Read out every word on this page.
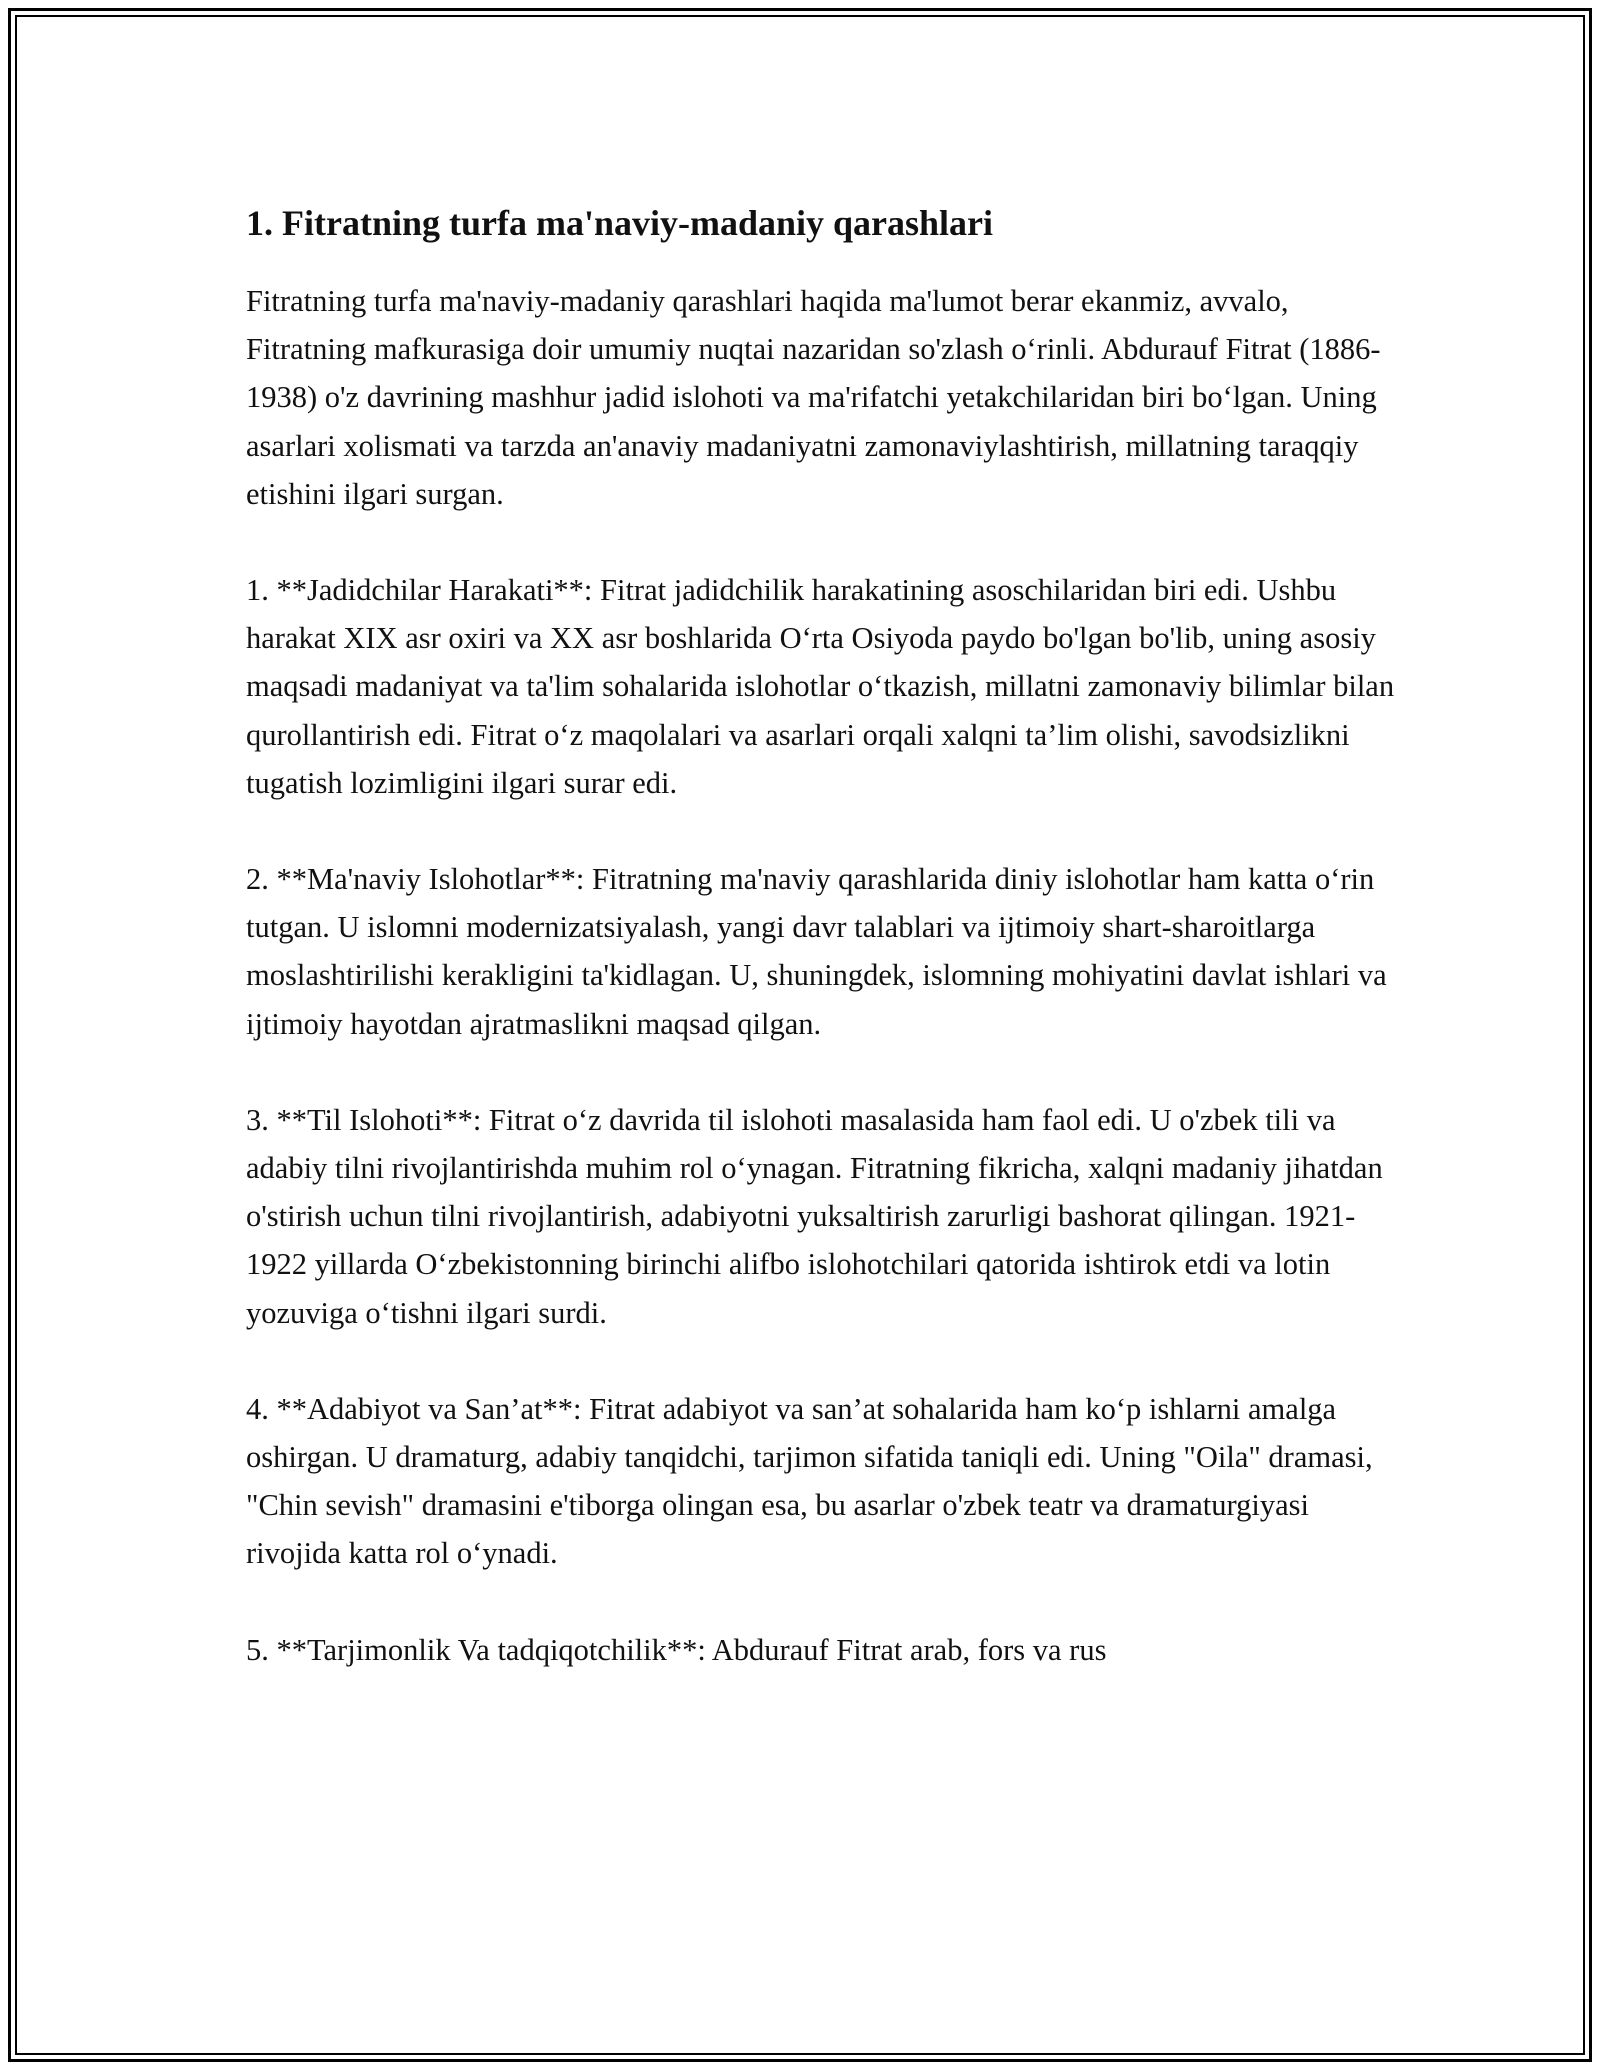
1. Fitratning turfa ma'naviy-madaniy qarashlari

Fitratning turfa ma'naviy-madaniy qarashlari haqida ma'lumot berar ekanmiz, avvalo, Fitratning mafkurasiga doir umumiy nuqtai nazaridan so'zlash o‘rinli. Abdurauf Fitrat (1886-1938) o'z davrining mashhur jadid islohoti va ma'rifatchi yetakchilaridan biri bo‘lgan. Uning asarlari xolismati va tarzda an'anaviy madaniyatni zamonaviylashtirish, millatning taraqqiy etishini ilgari surgan.

1. **Jadidchilar Harakati**: Fitrat jadidchilik harakatining asoschilaridan biri edi. Ushbu harakat XIX asr oxiri va XX asr boshlarida O‘rta Osiyoda paydo bo'lgan bo'lib, uning asosiy maqsadi madaniyat va ta'lim sohalarida islohotlar o‘tkazish, millatni zamonaviy bilimlar bilan qurollantirish edi. Fitrat o‘z maqolalari va asarlari orqali xalqni ta’lim olishi, savodsizlikni tugatish lozimligini ilgari surar edi.

2. **Ma'naviy Islohotlar**: Fitratning ma'naviy qarashlarida diniy islohotlar ham katta o‘rin tutgan. U islomni modernizatsiyalash, yangi davr talablari va ijtimoiy shart-sharoitlarga moslashtirilishi kerakligini ta'kidlagan. U, shuningdek, islomning mohiyatini davlat ishlari va ijtimoiy hayotdan ajratmaslikni maqsad qilgan.

3. **Til Islohoti**: Fitrat o‘z davrida til islohoti masalasida ham faol edi. U o'zbek tili va adabiy tilni rivojlantirishda muhim rol o‘ynagan. Fitratning fikricha, xalqni madaniy jihatdan o'stirish uchun tilni rivojlantirish, adabiyotni yuksaltirish zarurligi bashorat qilingan. 1921-1922 yillarda O‘zbekistonning birinchi alifbo islohotchilari qatorida ishtirok etdi va lotin yozuviga o‘tishni ilgari surdi.

4. **Adabiyot va San’at**: Fitrat adabiyot va san’at sohalarida ham ko‘p ishlarni amalga oshirgan. U dramaturg, adabiy tanqidchi, tarjimon sifatida taniqli edi. Uning "Oila" dramasi, "Chin sevish" dramasini e'tiborga olingan esa, bu asarlar o'zbek teatr va dramaturgiyasi rivojida katta rol o‘ynadi.

5. **Tarjimonlik Va tadqiqotchilik**: Abdurauf Fitrat arab, fors va rus
